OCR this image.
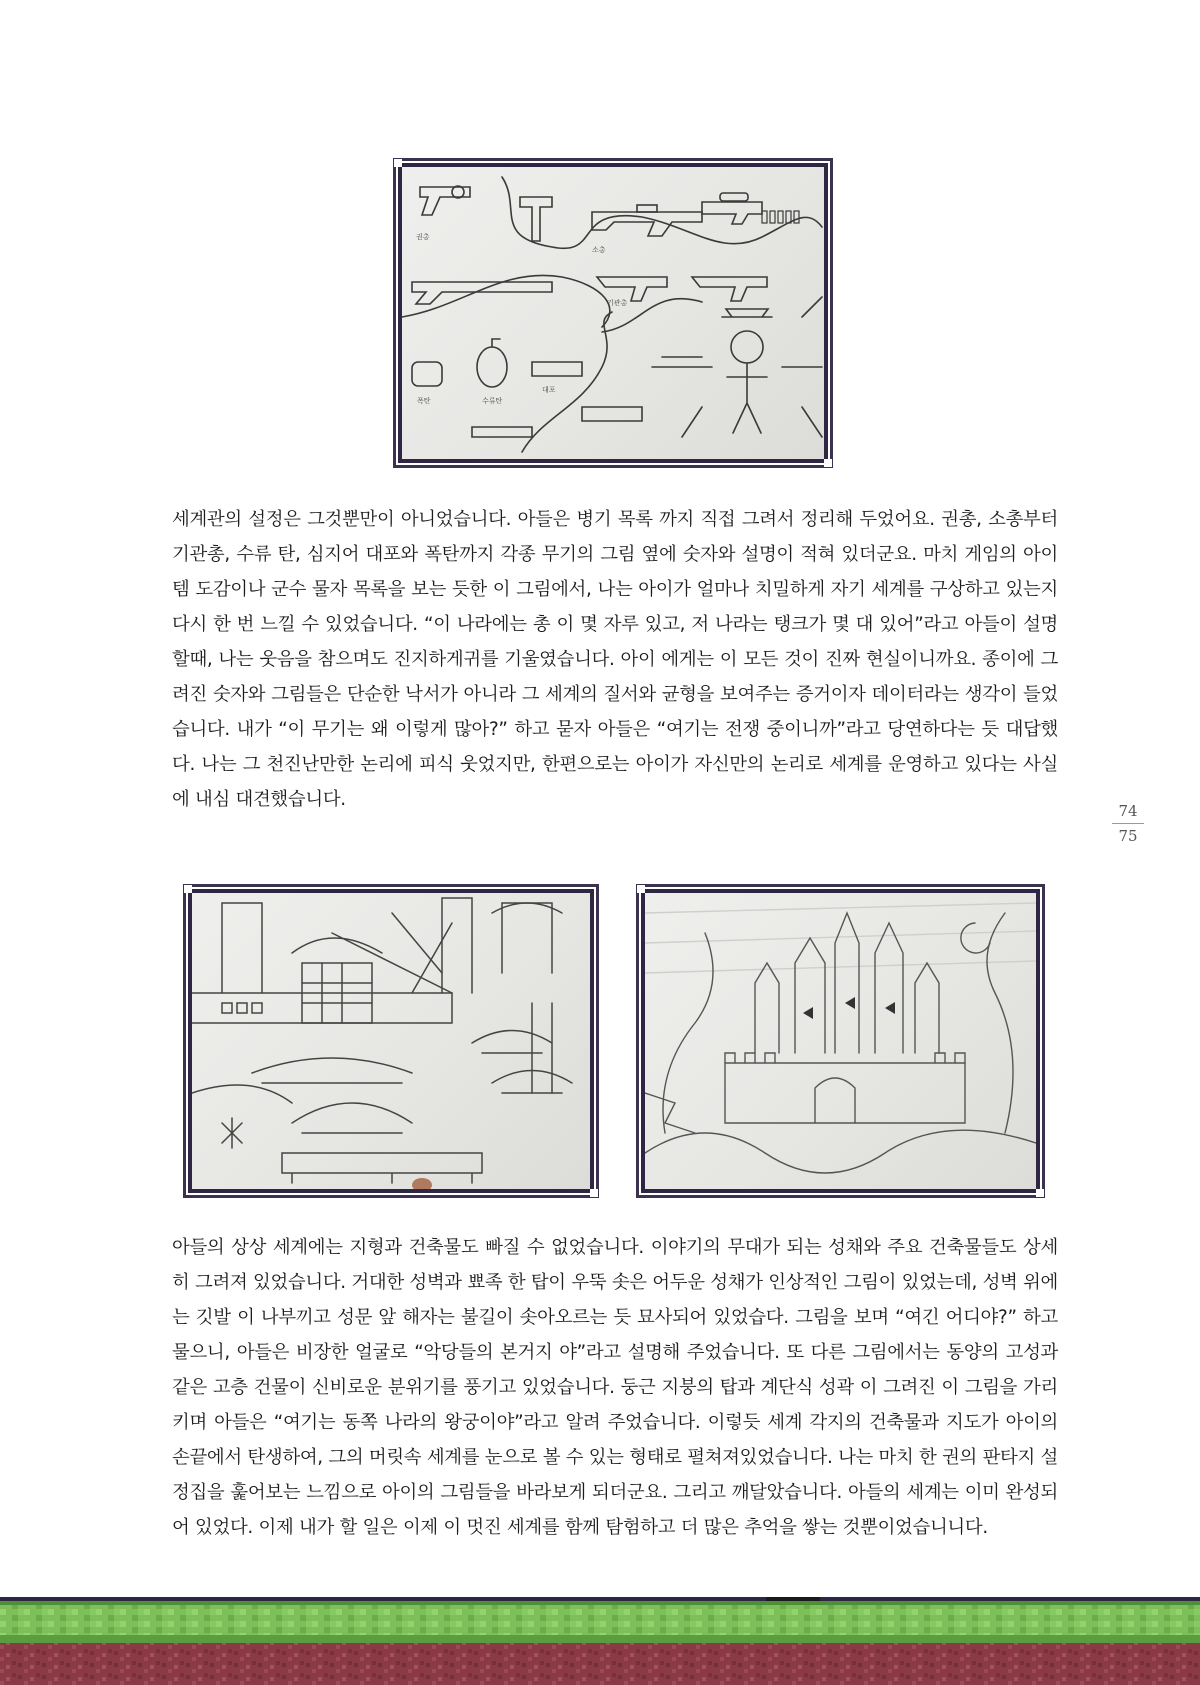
권총
소총
수류탄
기관총
대포
폭탄

세계관의 설정은 그것뿐만이 아니었습니다. 아들은 병기 목록 까지 직접 그려서 정리해 두었어요. 권총, 소총부터 기관총, 수류 탄, 심지어 대포와 폭탄까지 각종 무기의 그림 옆에 숫자와 설명이 적혀 있더군요. 마치 게임의 아이템 도감이나 군수 물자 목록을 보는 듯한 이 그림에서, 나는 아이가 얼마나 치밀하게 자기 세계를 구상하고 있는지 다시 한 번 느낄 수 있었습니다. “이 나라에는 총 이 몇 자루 있고, 저 나라는 탱크가 몇 대 있어”라고 아들이 설명할때, 나는 웃음을 참으며도 진지하게귀를 기울였습니다. 아이 에게는 이 모든 것이 진짜 현실이니까요. 종이에 그려진 숫자와 그림들은 단순한 낙서가 아니라 그 세계의 질서와 균형을 보여주는 증거이자 데이터라는 생각이 들었습니다. 내가 “이 무기는 왜 이렇게 많아?” 하고 묻자 아들은 “여기는 전쟁 중이니까”라고 당연하다는 듯 대답했다. 나는 그 천진난만한 논리에 피식 웃었지만, 한편으로는 아이가 자신만의 논리로 세계를 운영하고 있다는 사실에 내심 대견했습니다.

74
75

아들의 상상 세계에는 지형과 건축물도 빠질 수 없었습니다. 이야기의 무대가 되는 성채와 주요 건축물들도 상세히 그려져 있었습니다. 거대한 성벽과 뾰족 한 탑이 우뚝 솟은 어두운 성채가 인상적인 그림이 있었는데, 성벽 위에는 깃발 이 나부끼고 성문 앞 해자는 불길이 솟아오르는 듯 묘사되어 있었습다. 그림을 보며 “여긴 어디야?” 하고 물으니, 아들은 비장한 얼굴로 “악당들의 본거지 야”라고 설명해 주었습니다. 또 다른 그림에서는 동양의 고성과 같은 고층 건물이 신비로운 분위기를 풍기고 있었습니다. 둥근 지붕의 탑과 계단식 성곽 이 그려진 이 그림을 가리키며 아들은 “여기는 동쪽 나라의 왕궁이야”라고 알려 주었습니다. 이렇듯 세계 각지의 건축물과 지도가 아이의 손끝에서 탄생하여, 그의 머릿속 세계를 눈으로 볼 수 있는 형태로 펼쳐져있었습니다. 나는 마치 한 권의 판타지 설정집을 훑어보는 느낌으로 아이의 그림들을 바라보게 되더군요. 그리고 깨달았습니다. 아들의 세계는 이미 완성되어 있었다. 이제 내가 할 일은 이제 이 멋진 세계를 함께 탐험하고 더 많은 추억을 쌓는 것뿐이었습니니다.
